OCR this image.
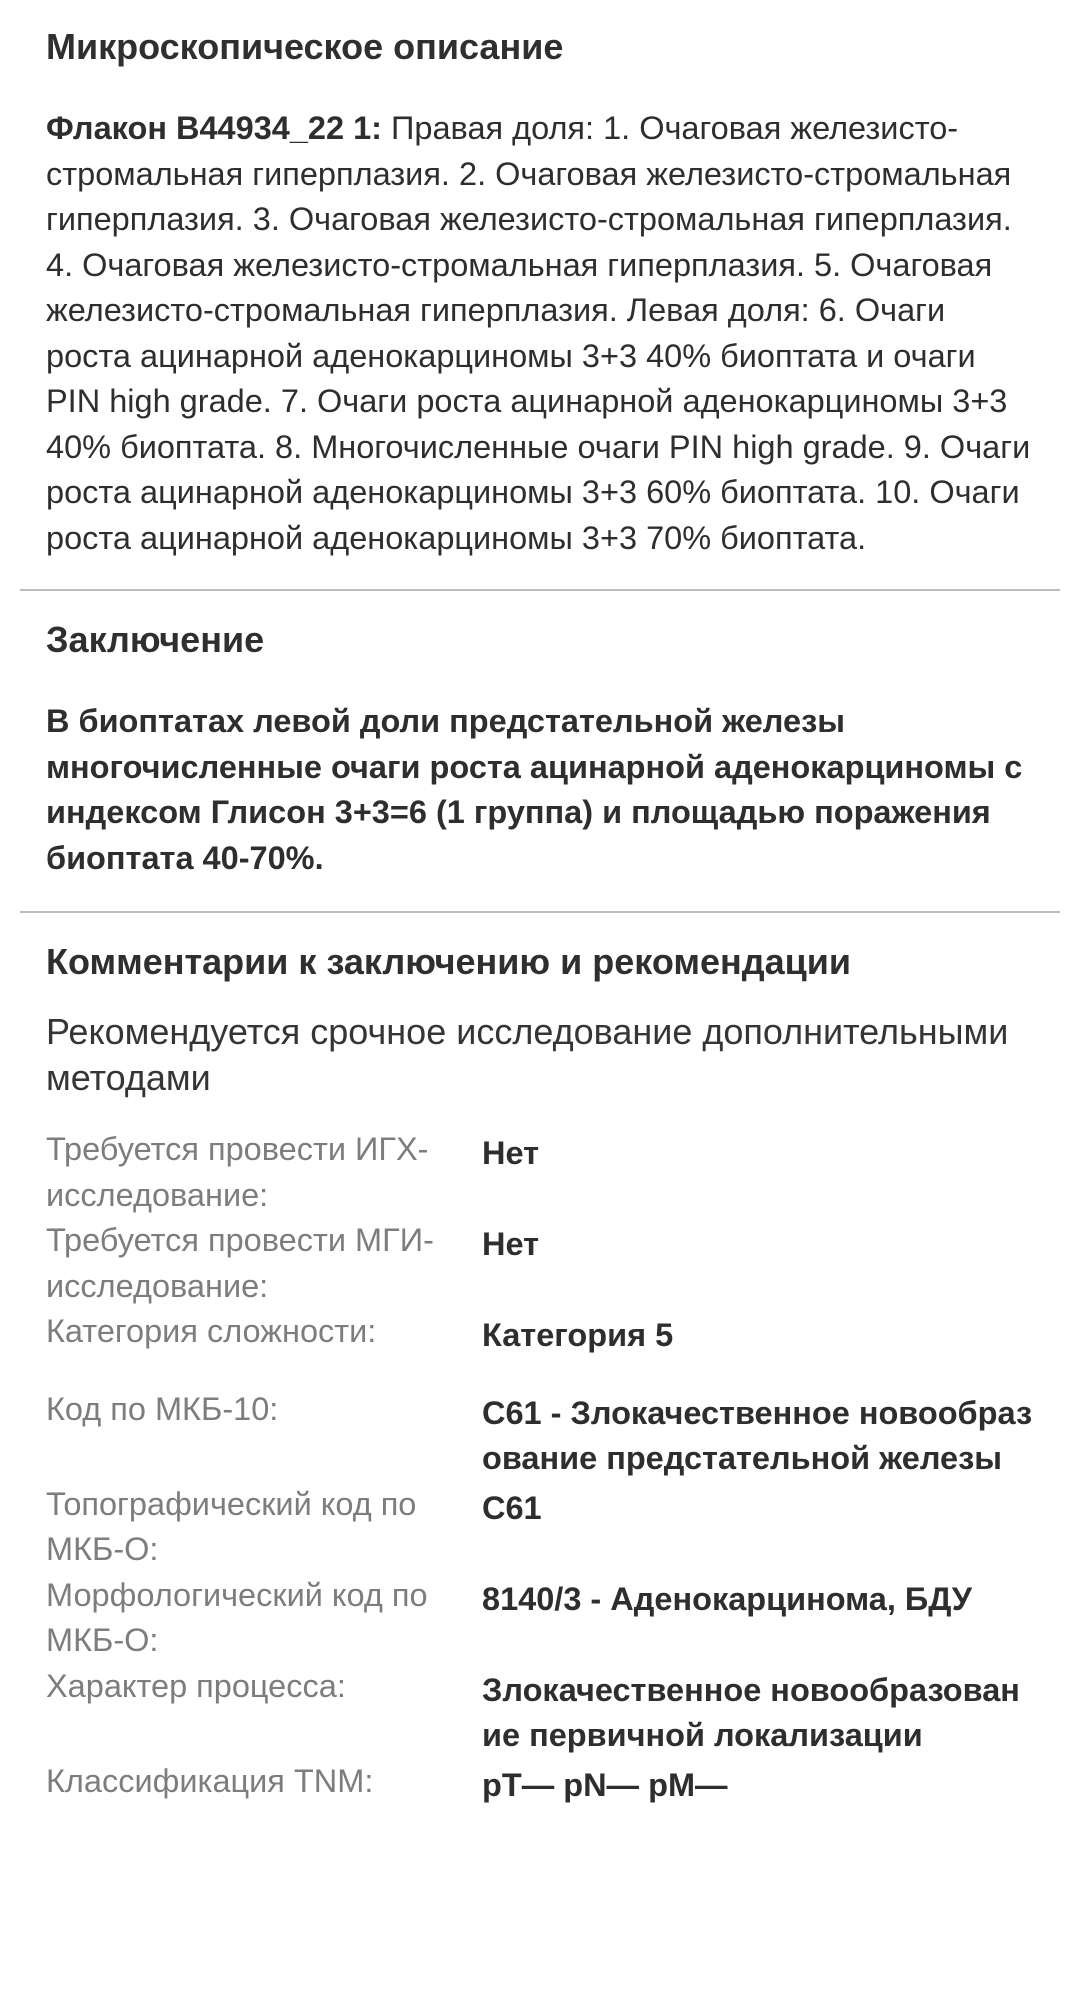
Микроскопическое описание

Флакон B44934_22 1: Правая доля: 1. Очаговая железисто-стромальная гиперплазия. 2. Очаговая железисто-стромальная гиперплазия. 3. Очаговая железисто-стромальная гиперплазия. 4. Очаговая железисто-стромальная гиперплазия. 5. Очаговая железисто-стромальная гиперплазия. Левая доля: 6. Очаги роста ацинарной аденокарциномы 3+3 40% биоптата и очаги PIN high grade. 7. Очаги роста ацинарной аденокарциномы 3+3 40% биоптата. 8. Многочисленные очаги PIN high grade. 9. Очаги роста ацинарной аденокарциномы 3+3 60% биоптата. 10. Очаги роста ацинарной аденокарциномы 3+3 70% биоптата.

Заключение

В биоптатах левой доли предстательной железы многочисленные очаги роста ацинарной аденокарциномы с индексом Глисон 3+3=6 (1 группа) и площадью поражения биоптата 40-70%.

Комментарии к заключению и рекомендации

Рекомендуется срочное исследование дополнительными методами

Требуется провести ИГХ-исследование:
Нет
Требуется провести МГИ-исследование:
Нет
Категория сложности:	Категория 5
Код по МКБ-10:	C61 - Злокачественное новообразование предстательной железы
Топографический код по МКБ-О:
C61
Морфологический код по МКБ-О:
8140/3 - Аденокарцинома, БДУ
Характер процесса:	Злокачественное новообразование первичной локализации
Классификация TNM:	pT— pN— pM—
